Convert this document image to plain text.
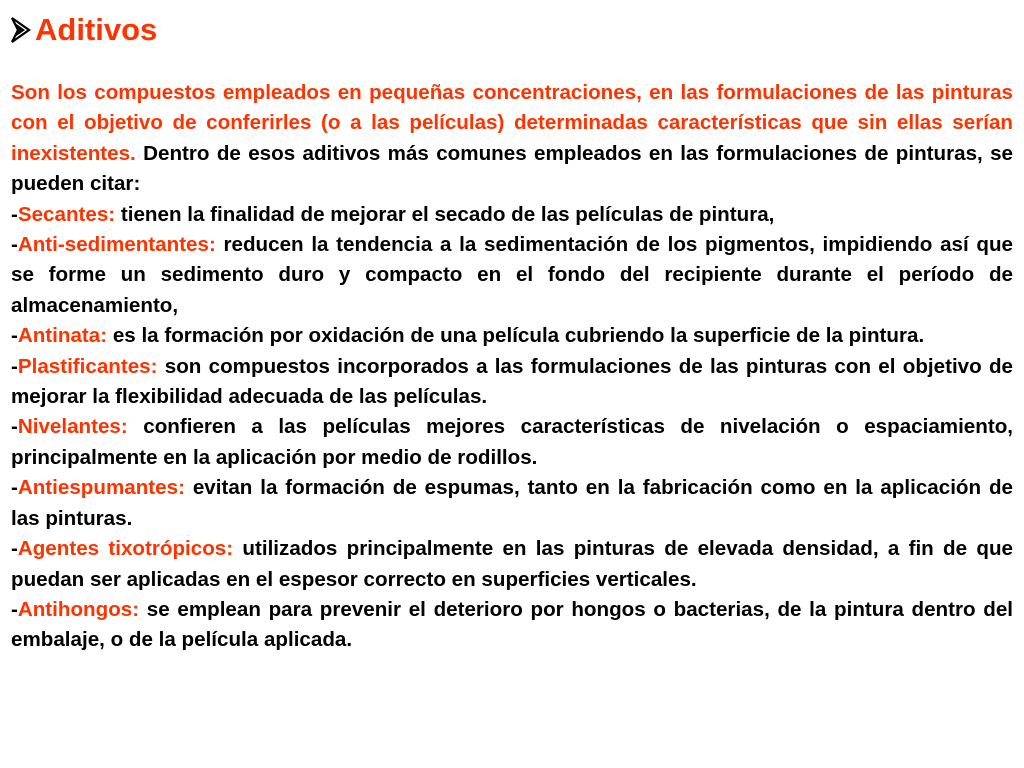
Aditivos

Son los compuestos empleados en pequeñas concentraciones, en las formulaciones de las pinturas con el objetivo de conferirles (o a las películas) determinadas características que sin ellas serían inexistentes. Dentro de esos aditivos más comunes empleados en las formulaciones de pinturas, se pueden citar:

-Secantes: tienen la finalidad de mejorar el secado de las películas de pintura,

-Anti-sedimentantes: reducen la tendencia a la sedimentación de los pigmentos, impidiendo así que se forme un sedimento duro y compacto en el fondo del recipiente durante el período de almacenamiento,

-Antinata: es la formación por oxidación de una película cubriendo la superficie de la pintura.

-Plastificantes: son compuestos incorporados a las formulaciones de las pinturas con el objetivo de mejorar la flexibilidad adecuada de las películas.

-Nivelantes: confieren a las películas mejores características de nivelación o espaciamiento, principalmente en la aplicación por medio de rodillos.

-Antiespumantes: evitan la formación de espumas, tanto en la fabricación como en la aplicación de las pinturas.

-Agentes tixotrópicos: utilizados principalmente en las pinturas de elevada densidad, a fin de que puedan ser aplicadas en el espesor correcto en superficies verticales.

-Antihongos: se emplean para prevenir el deterioro por hongos o bacterias, de la pintura dentro del embalaje, o de la película aplicada.
